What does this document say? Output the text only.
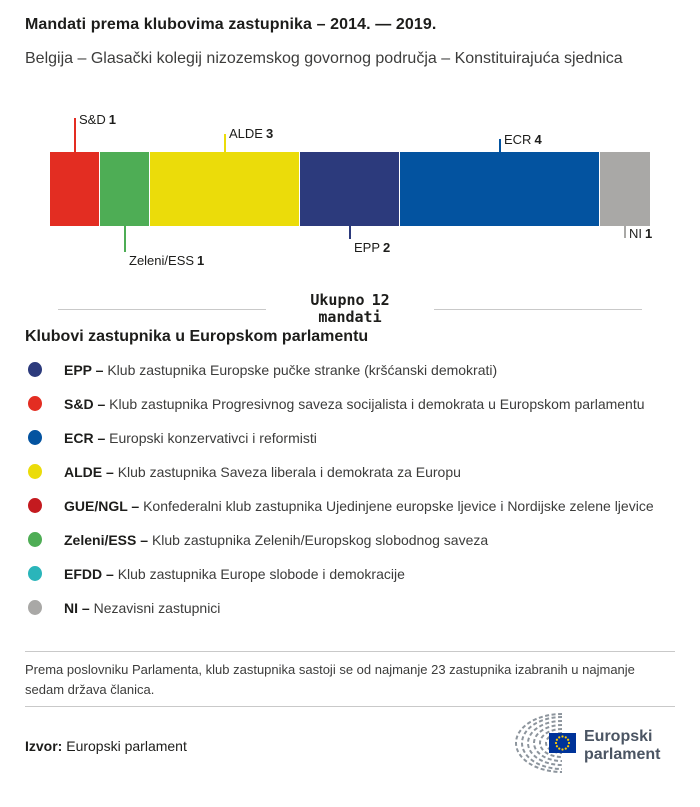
Mandati prema klubovima zastupnika – 2014. — 2019.

Belgija – Glasački kolegij nizozemskog govornog područja – Konstituirajuća sjednica

S&D 1
Zeleni/ESS 1
ALDE 3
EPP 2
ECR 4
NI 1
Ukupno 12
mandati
Klubovi zastupnika u Europskom parlamentu
EPP – Klub zastupnika Europske pučke stranke (kršćanski demokrati)
S&D – Klub zastupnika Progresivnog saveza socijalista i demokrata u Europskom parlamentu
ECR – Europski konzervativci i reformisti
ALDE – Klub zastupnika Saveza liberala i demokrata za Europu
GUE/NGL – Konfederalni klub zastupnika Ujedinjene europske ljevice i Nordijske zelene ljevice
Zeleni/ESS – Klub zastupnika Zelenih/Europskog slobodnog saveza
EFDD – Klub zastupnika Europe slobode i demokracije
NI – Nezavisni zastupnici

Prema poslovniku Parlamenta, klub zastupnika sastoji se od najmanje 23 zastupnika izabranih u najmanje sedam država članica.

Izvor: Europski parlament

Europski
parlament
